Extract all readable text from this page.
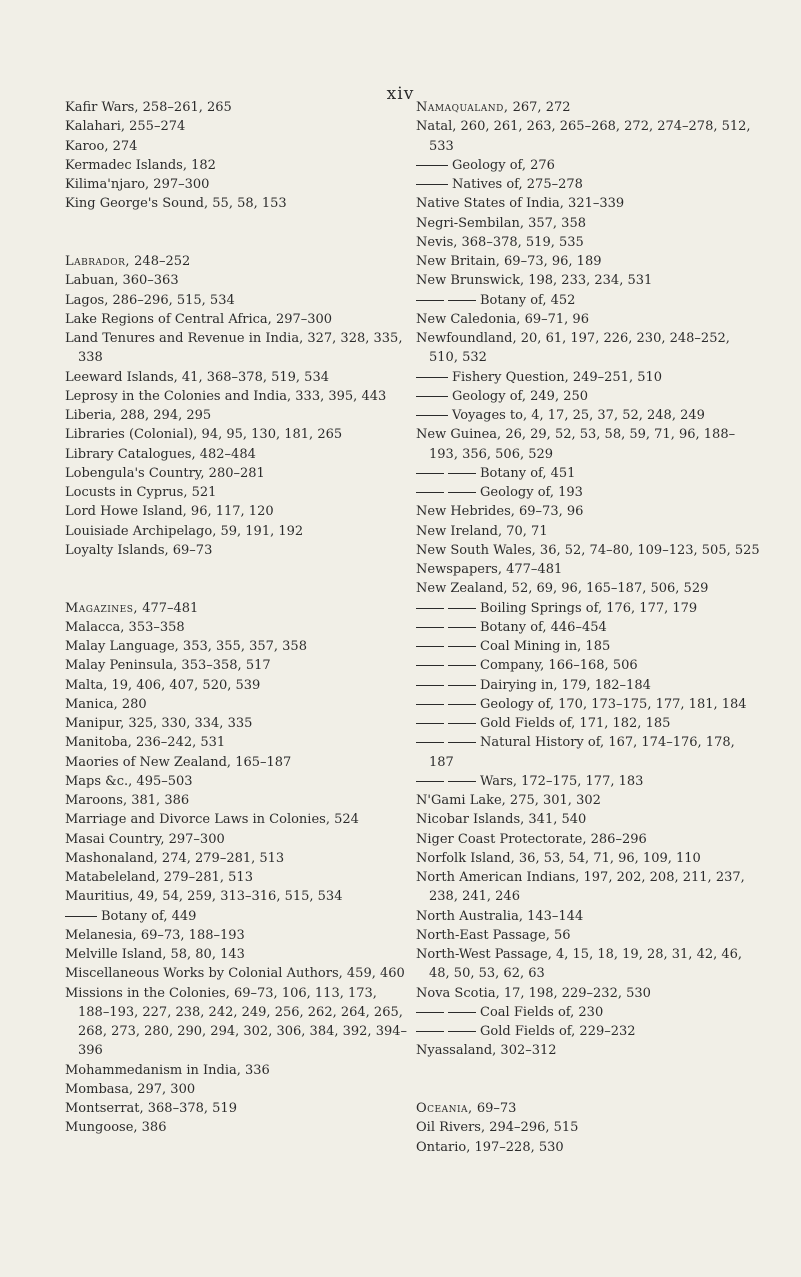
xiv
Kafir Wars, 258–261, 265
Kalahari, 255–274
Karoo, 274
Kermadec Islands, 182
Kilima'njaro, 297–300
King George's Sound, 55, 58, 153
Labrador, 248–252
Labuan, 360–363
Lagos, 286–296, 515, 534
Lake Regions of Central Africa, 297–300
Land Tenures and Revenue in India, 327, 328, 335, 338
Leeward Islands, 41, 368–378, 519, 534
Leprosy in the Colonies and India, 333, 395, 443
Liberia, 288, 294, 295
Libraries (Colonial), 94, 95, 130, 181, 265
Library Catalogues, 482–484
Lobengula's Country, 280–281
Locusts in Cyprus, 521
Lord Howe Island, 96, 117, 120
Louisiade Archipelago, 59, 191, 192
Loyalty Islands, 69–73
Magazines, 477–481
Malacca, 353–358
Malay Language, 353, 355, 357, 358
Malay Peninsula, 353–358, 517
Malta, 19, 406, 407, 520, 539
Manica, 280
Manipur, 325, 330, 334, 335
Manitoba, 236–242, 531
Maories of New Zealand, 165–187
Maps &c., 495–503
Maroons, 381, 386
Marriage and Divorce Laws in Colonies, 524
Masai Country, 297–300
Mashonaland, 274, 279–281, 513
Matabeleland, 279–281, 513
Mauritius, 49, 54, 259, 313–316, 515, 534
Botany of, 449
Melanesia, 69–73, 188–193
Melville Island, 58, 80, 143
Miscellaneous Works by Colonial Authors, 459, 460
Missions in the Colonies, 69–73, 106, 113, 173, 188–193, 227, 238, 242, 249, 256, 262, 264, 265, 268, 273, 280, 290, 294, 302, 306, 384, 392, 394–396
Mohammedanism in India, 336
Mombasa, 297, 300
Montserrat, 368–378, 519
Mungoose, 386
Namaqualand, 267, 272
Natal, 260, 261, 263, 265–268, 272, 274–278, 512, 533
Geology of, 276
Natives of, 275–278
Native States of India, 321–339
Negri-Sembilan, 357, 358
Nevis, 368–378, 519, 535
New Britain, 69–73, 96, 189
New Brunswick, 198, 233, 234, 531
Botany of, 452
New Caledonia, 69–71, 96
Newfoundland, 20, 61, 197, 226, 230, 248–252, 510, 532
Fishery Question, 249–251, 510
Geology of, 249, 250
Voyages to, 4, 17, 25, 37, 52, 248, 249
New Guinea, 26, 29, 52, 53, 58, 59, 71, 96, 188–193, 356, 506, 529
Botany of, 451
Geology of, 193
New Hebrides, 69–73, 96
New Ireland, 70, 71
New South Wales, 36, 52, 74–80, 109–123, 505, 525
Newspapers, 477–481
New Zealand, 52, 69, 96, 165–187, 506, 529
Boiling Springs of, 176, 177, 179
Botany of, 446–454
Coal Mining in, 185
Company, 166–168, 506
Dairying in, 179, 182–184
Geology of, 170, 173–175, 177, 181, 184
Gold Fields of, 171, 182, 185
Natural History of, 167, 174–176, 178, 187
Wars, 172–175, 177, 183
N'Gami Lake, 275, 301, 302
Nicobar Islands, 341, 540
Niger Coast Protectorate, 286–296
Norfolk Island, 36, 53, 54, 71, 96, 109, 110
North American Indians, 197, 202, 208, 211, 237, 238, 241, 246
North Australia, 143–144
North-East Passage, 56
North-West Passage, 4, 15, 18, 19, 28, 31, 42, 46, 48, 50, 53, 62, 63
Nova Scotia, 17, 198, 229–232, 530
Coal Fields of, 230
Gold Fields of, 229–232
Nyassaland, 302–312
Oceania, 69–73
Oil Rivers, 294–296, 515
Ontario, 197–228, 530
